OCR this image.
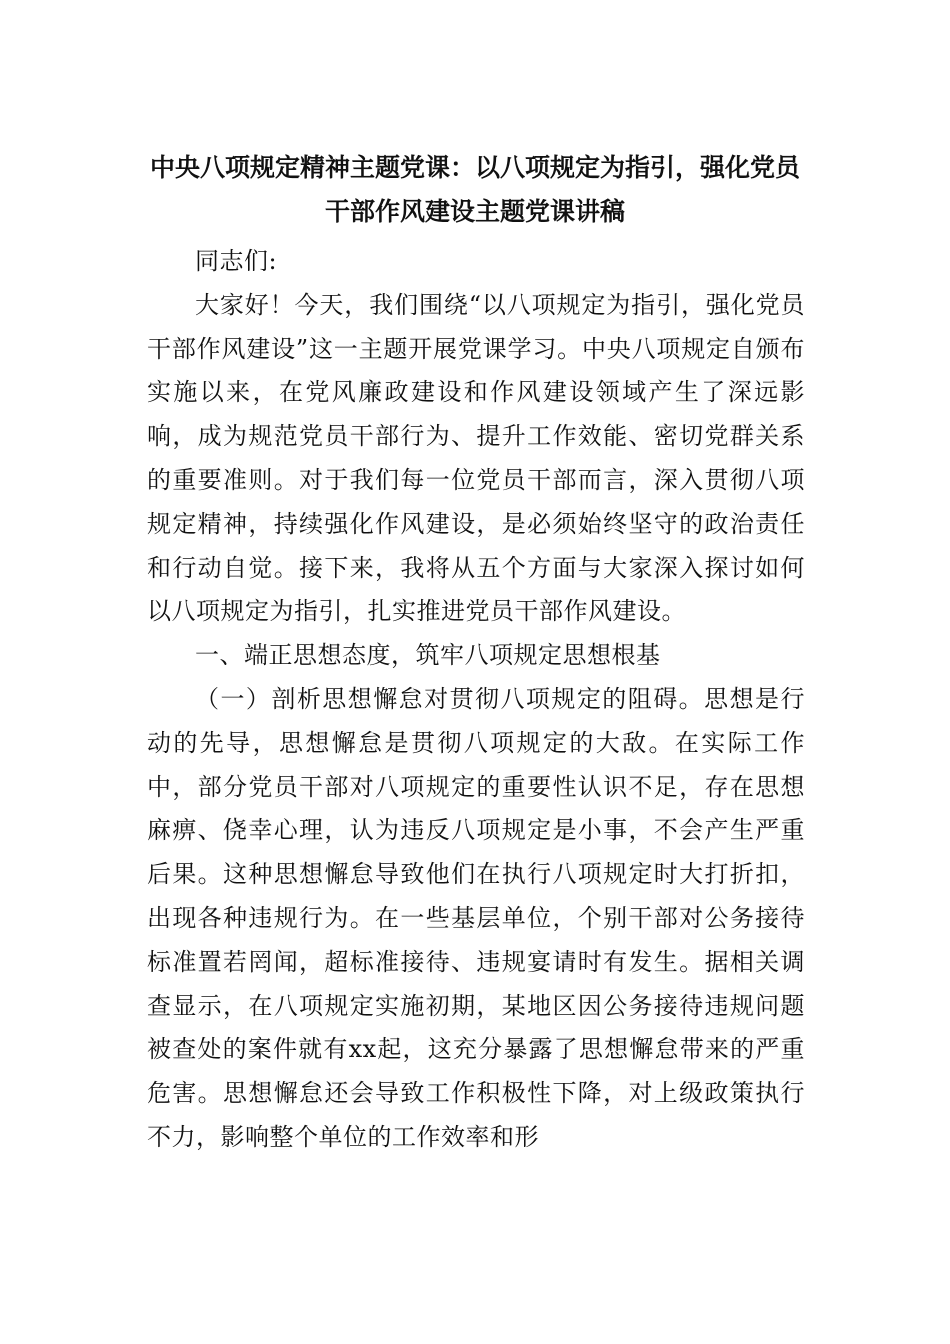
中央八项规定精神主题党课：以八项规定为指引，强化党员干部作风建设主题党课讲稿

同志们:

大家好！今天，我们围绕“以八项规定为指引，强化党员干部作风建设”这一主题开展党课学习。中央八项规定自颁布实施以来，在党风廉政建设和作风建设领域产生了深远影响，成为规范党员干部行为、提升工作效能、密切党群关系的重要准则。对于我们每一位党员干部而言，深入贯彻八项规定精神，持续强化作风建设，是必须始终坚守的政治责任和行动自觉。接下来，我将从五个方面与大家深入探讨如何以八项规定为指引，扎实推进党员干部作风建设。

一、端正思想态度，筑牢八项规定思想根基

（一）剖析思想懈怠对贯彻八项规定的阻碍。思想是行动的先导，思想懈怠是贯彻八项规定的大敌。在实际工作中，部分党员干部对八项规定的重要性认识不足，存在思想麻痹、侥幸心理，认为违反八项规定是小事，不会产生严重后果。这种思想懈怠导致他们在执行八项规定时大打折扣，出现各种违规行为。在一些基层单位，个别干部对公务接待标准置若罔闻，超标准接待、违规宴请时有发生。据相关调查显示，在八项规定实施初期，某地区因公务接待违规问题被查处的案件就有xx起，这充分暴露了思想懈怠带来的严重危害。思想懈怠还会导致工作积极性下降，对上级政策执行不力，影响整个单位的工作效率和形
